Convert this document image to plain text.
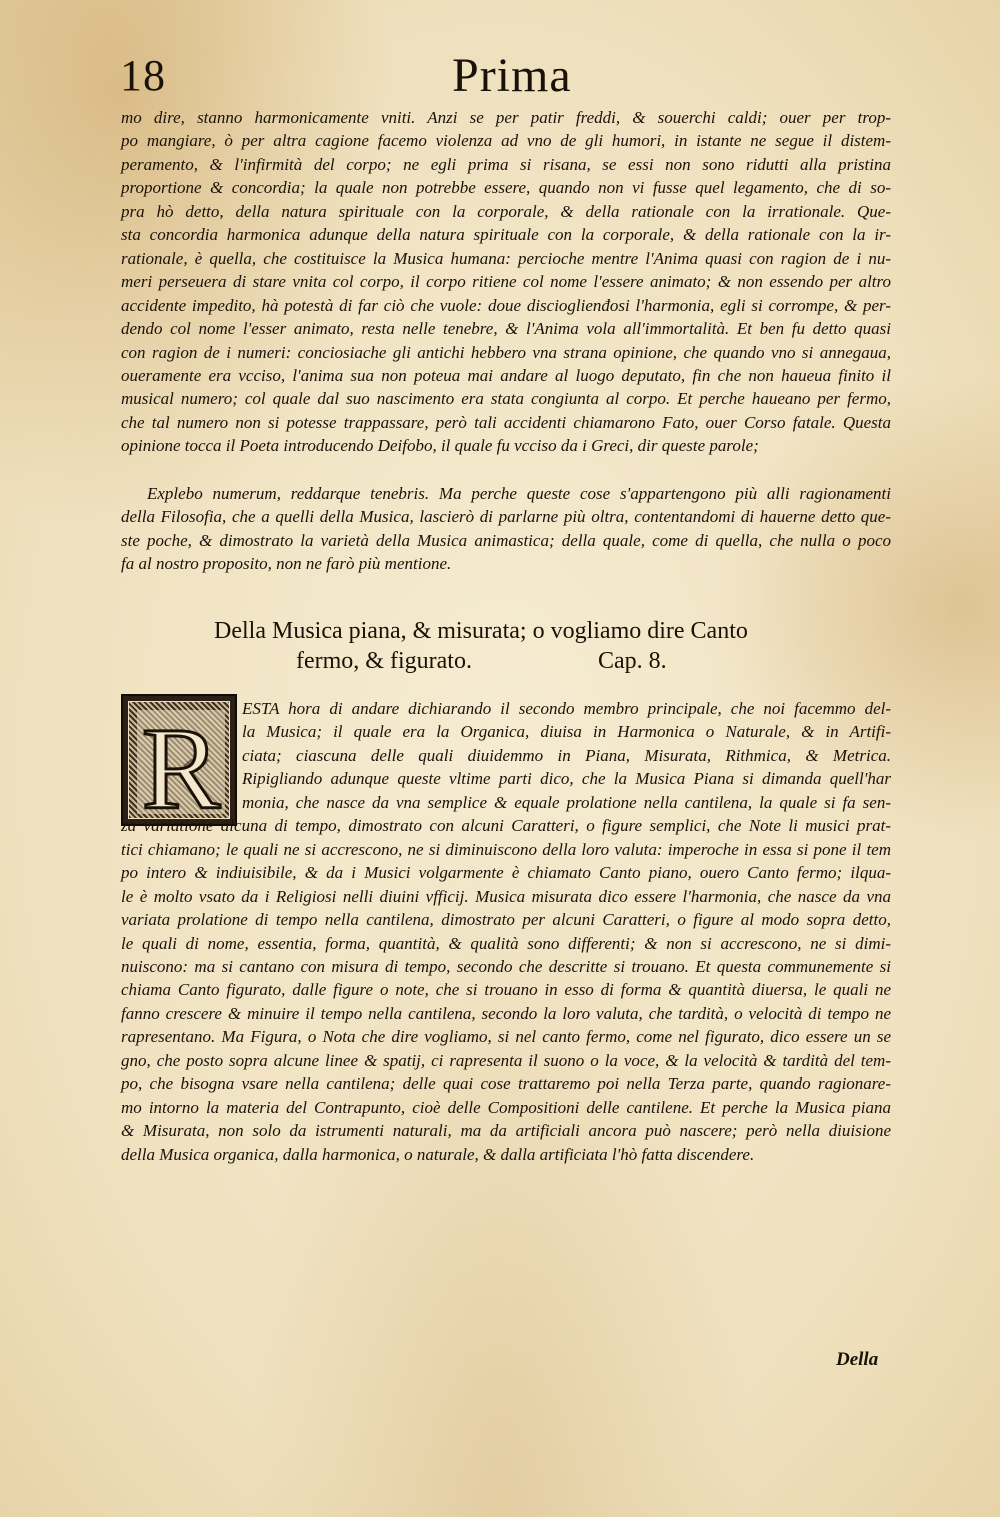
18	Prima
mo dire, stanno harmonicamente vniti. Anzi se per patir freddi, & souerchi caldi; ouer per trop-
po mangiare, ò per altra cagione facemo violenza ad vno de gli humori, in istante ne segue il distem-
peramento, & l'infirmità del corpo; ne egli prima si risana, se essi non sono ridutti alla pristina
proportione & concordia; la quale non potrebbe essere, quando non vi fusse quel legamento, che di so-
pra hò detto, della natura spirituale con la corporale, & della rationale con la irrationale. Que-
sta concordia harmonica adunque della natura spirituale con la corporale, & della rationale con la ir-
rationale, è quella, che costituisce la Musica humana: percioche mentre l'Anima quasi con ragion de i nu-
meri perseuera di stare vnita col corpo, il corpo ritiene col nome l'essere animato; & non essendo per altro
accidente impedito, hà potestà di far ciò che vuole: doue discioglienđosi l'harmonia, egli si corrompe, & per-
dendo col nome l'esser animato, resta nelle tenebre, & l'Anima vola all'immortalità. Et ben fu detto quasi
con ragion de i numeri: conciosiache gli antichi hebbero vna strana opinione, che quando vno si annegaua,
oueramente era vcciso, l'anima sua non poteua mai andare al luogo deputato, fin che non haueua finito il
musical numero; col quale dal suo nascimento era stata congiunta al corpo. Et perche haueano per fermo,
che tal numero non si potesse trappassare, però tali accidenti chiamarono Fato, ouer Corso fatale. Questa
opinione tocca il Poeta introducendo Deifobo, il quale fu vcciso da i Greci, dir queste parole;
Explebo numerum, reddarque tenebris. Ma perche queste cose s'appartengono più alli ragionamenti
della Filosofia, che a quelli della Musica, lascierò di parlarne più oltra, contentandomi di hauerne detto que-
ste poche, & dimostrato la varietà della Musica animastica; della quale, come di quella, che nulla o poco
fa al nostro proposito, non ne farò più mentione.
Della Musica piana, & misurata; o vogliamo dire Canto
fermo, & figurato.	Cap. 8.
R ESTA hora di andare dichiarando il secondo membro principale, che noi facemmo del-
la Musica; il quale era la Organica, diuisa in Harmonica o Naturale, & in Artifi-
ciata; ciascuna delle quali diuidemmo in Piana, Misurata, Rithmica, & Metrica.
Ripigliando adunque queste vltime parti dico, che la Musica Piana si dimanda quell'har
monia, che nasce da vna semplice & equale prolatione nella cantilena, la quale si fa sen-
za variatione alcuna di tempo, dimostrato con alcuni Caratteri, o figure semplici, che Note li musici prat-
tici chiamano; le quali ne si accrescono, ne si diminuiscono della loro valuta: imperoche in essa si pone il tem
po intero & indiuisibile, & da i Musici volgarmente è chiamato Canto piano, ouero Canto fermo; ilqua-
le è molto vsato da i Religiosi nelli diuini vfficij. Musica misurata dico essere l'harmonia, che nasce da vna
variata prolatione di tempo nella cantilena, dimostrato per alcuni Caratteri, o figure al modo sopra detto,
le quali di nome, essentia, forma, quantità, & qualità sono differenti; & non si accrescono, ne si dimi-
nuiscono: ma si cantano con misura di tempo, secondo che descritte si trouano. Et questa communemente si
chiama Canto figurato, dalle figure o note, che si trouano in esso di forma & quantità diuersa, le quali ne
fanno crescere & minuire il tempo nella cantilena, secondo la loro valuta, che tardità, o velocità di tempo ne
rapresentano. Ma Figura, o Nota che dire vogliamo, si nel canto fermo, come nel figurato, dico essere un se
gno, che posto sopra alcune linee & spatij, ci rapresenta il suono o la voce, & la velocità & tardità del tem-
po, che bisogna vsare nella cantilena; delle quai cose trattaremo poi nella Terza parte, quando ragionare-
mo intorno la materia del Contrapunto, cioè delle Compositioni delle cantilene. Et perche la Musica piana
& Misurata, non solo da istrumenti naturali, ma da artificiali ancora può nascere; però nella diuisione
della Musica organica, dalla harmonica, o naturale, & dalla artificiata l'hò fatta discendere.
Della
